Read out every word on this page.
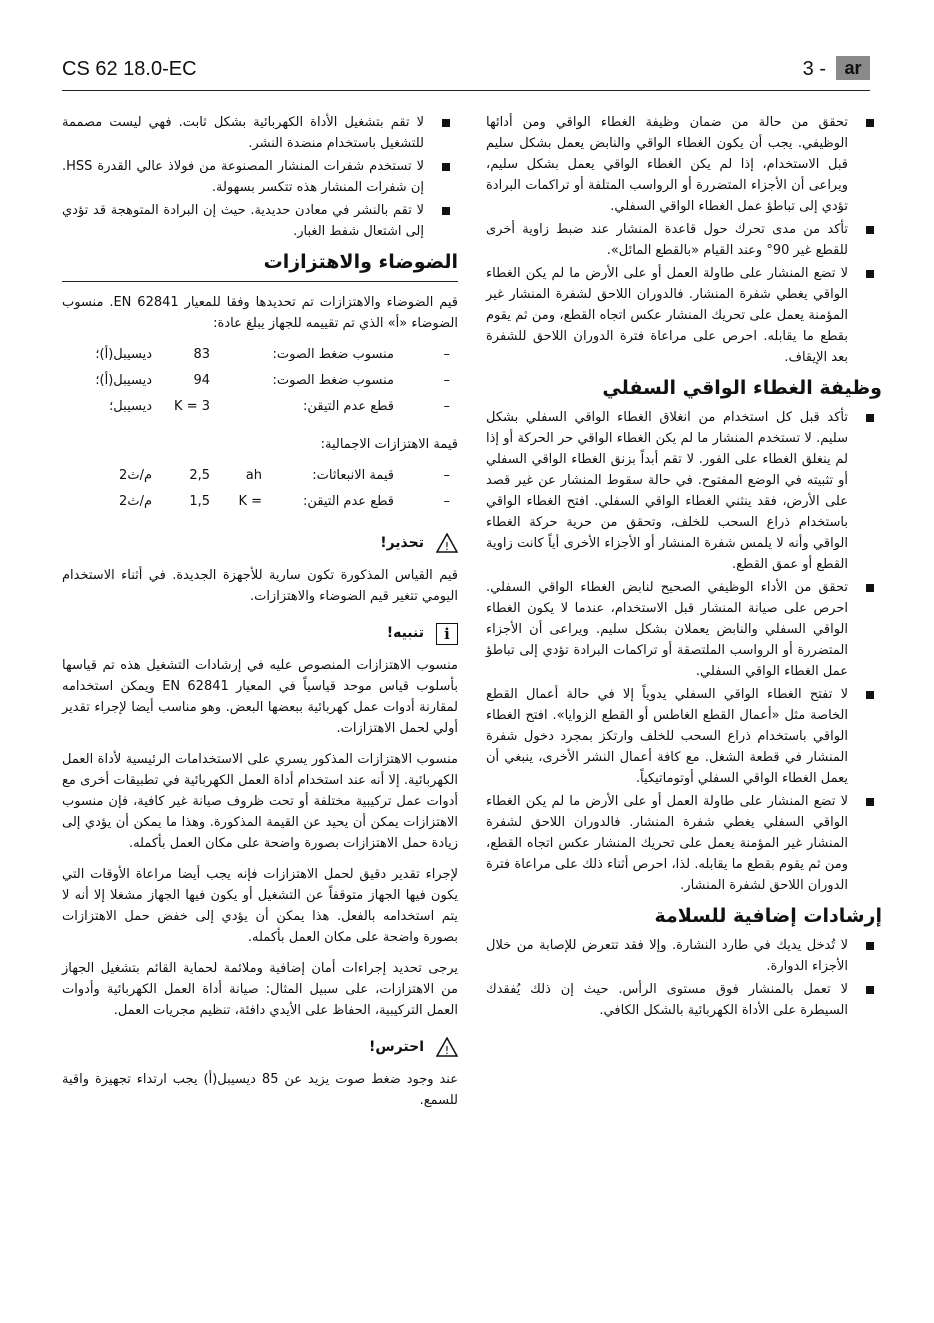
CS 62 18.0-EC	3 -	ar
تحقق من حالة من ضمان وظيفة الغطاء الواقي ومن أدائها الوظيفي. يجب أن يكون الغطاء الواقي والنابض يعمل بشكل سليم قبل الاستخدام، إذا لم يكن الغطاء الواقي يعمل بشكل سليم، ويراعى أن الأجزاء المتضررة أو الرواسب المتلفة أو تراكمات البرادة تؤدي إلى تباطؤ عمل الغطاء الواقي السفلي.
تأكد من مدى تحرك حول قاعدة المنشار عند ضبط زاوية أخرى للقطع غير 90° وعند القيام «بالقطع المائل».
لا تضع المنشار على طاولة العمل أو على الأرض ما لم يكن الغطاء الواقي يغطي شفرة المنشار. فالدوران اللاحق لشفرة المنشار غير المؤمنة يعمل على تحريك المنشار عكس اتجاه القطع، ومن ثم يقوم بقطع ما يقابله. احرص على مراعاة فترة الدوران اللاحق للشفرة بعد الإيقاف.
وظيفة الغطاء الواقي السفلي
تأكد قبل كل استخدام من انغلاق الغطاء الواقي السفلي بشكل سليم. لا تستخدم المنشار ما لم يكن الغطاء الواقي حر الحركة أو إذا لم ينغلق الغطاء على الفور. لا تقم أبداً بزنق الغطاء الواقي السفلي أو تثبيته في الوضع المفتوح. في حالة سقوط المنشار عن غير قصد على الأرض، فقد ينثني الغطاء الواقي السفلي. افتح الغطاء الواقي باستخدام ذراع السحب للخلف، وتحقق من حرية حركة الغطاء الواقي وأنه لا يلمس شفرة المنشار أو الأجزاء الأخرى أياً كانت زاوية القطع أو عمق القطع.
تحقق من الأداء الوظيفي الصحيح لنابض الغطاء الواقي السفلي. احرص على صيانة المنشار قبل الاستخدام، عندما لا يكون الغطاء الواقي السفلي والنابض يعملان بشكل سليم. ويراعى أن الأجزاء المتضررة أو الرواسب الملتصقة أو تراكمات البرادة تؤدي إلى تباطؤ عمل الغطاء الواقي السفلي.
لا تفتح الغطاء الواقي السفلي يدوياً إلا في حالة أعمال القطع الخاصة مثل «أعمال القطع الغاطس أو القطع الزوايا». افتح الغطاء الواقي باستخدام ذراع السحب للخلف وارتكز بمجرد دخول شفرة المنشار في قطعة الشغل. مع كافة أعمال النشر الأخرى، ينبغي أن يعمل الغطاء الواقي السفلي أوتوماتيكياً.
لا تضع المنشار على طاولة العمل أو على الأرض ما لم يكن الغطاء الواقي السفلي يغطي شفرة المنشار. فالدوران اللاحق لشفرة المنشار غير المؤمنة يعمل على تحريك المنشار عكس اتجاه القطع، ومن ثم يقوم بقطع ما يقابله. لذا، احرص أثناء ذلك على مراعاة فترة الدوران اللاحق لشفرة المنشار.
إرشادات إضافية للسلامة
لا تُدخل يديك في طارد النشارة. وإلا فقد تتعرض للإصابة من خلال الأجزاء الدوارة.
لا تعمل بالمنشار فوق مستوى الرأس. حيث إن ذلك يُفقدك السيطرة على الأداة الكهربائية بالشكل الكافي.
لا تقم بتشغيل الأداة الكهربائية بشكل ثابت. فهي ليست مصممة للتشغيل باستخدام منضدة النشر.
لا تستخدم شفرات المنشار المصنوعة من فولاذ عالي القدرة HSS. إن شفرات المنشار هذه تتكسر بسهولة.
لا تقم بالنشر في معادن حديدية. حيث إن البرادة المتوهجة قد تؤدي إلى اشتعال شفط الغبار.
الضوضاء والاهتزازات

قيم الضوضاء والاهتزازات تم تحديدها وفقا للمعيار EN 62841. منسوب الضوضاء «أ» الذي تم تقييمه للجهاز يبلغ عادة:

–
منسوب ضغط الصوت:
83
ديسيبل(أ)؛
–
منسوب ضغط الصوت:
94
ديسيبل(أ)؛
–
قطع عدم التيقن:
K = 3
ديسيبل؛

قيمة الاهتزازات الاجمالية:

–
قيمة الانبعاثات:
ah
2,5
م/ث2
–
قطع عدم التيقن:
K =
1,5
م/ث2
!
تحذير!

قيم القياس المذكورة تكون سارية للأجهزة الجديدة. في أثناء الاستخدام اليومي تتغير قيم الضوضاء والاهتزازات.

i
تنبيه!

منسوب الاهتزازات المنصوص عليه في إرشادات التشغيل هذه تم قياسها بأسلوب قياس موحد قياسياً في المعيار EN 62841 ويمكن استخدامه لمقارنة أدوات عمل كهربائية ببعضها البعض. وهو مناسب أيضا لإجراء تقدير أولي لحمل الاهتزازات.

منسوب الاهتزازات المذكور يسري على الاستخدامات الرئيسية لأداة العمل الكهربائية. إلا أنه عند استخدام أداة العمل الكهربائية في تطبيقات أخرى مع أدوات عمل تركيبية مختلفة أو تحت ظروف صيانة غير كافية، فإن منسوب الاهتزازات يمكن أن يحيد عن القيمة المذكورة. وهذا ما يمكن أن يؤدي إلى زيادة حمل الاهتزازات بصورة واضحة على مكان العمل بأكمله.

لإجراء تقدير دقيق لحمل الاهتزازات فإنه يجب أيضا مراعاة الأوقات التي يكون فيها الجهاز متوقفاً عن التشغيل أو يكون فيها الجهاز مشغلا إلا أنه لا يتم استخدامه بالفعل. هذا يمكن أن يؤدي إلى خفض حمل الاهتزازات بصورة واضحة على مكان العمل بأكمله.

يرجى تحديد إجراءات أمان إضافية وملائمة لحماية القائم بتشغيل الجهاز من الاهتزازات، على سبيل المثال: صيانة أداة العمل الكهربائية وأدوات العمل التركيبية، الحفاظ على الأيدي دافئة، تنظيم مجريات العمل.

!
احترس!

عند وجود ضغط صوت يزيد عن 85 ديسيبل(أ) يجب ارتداء تجهيزة واقية للسمع.
